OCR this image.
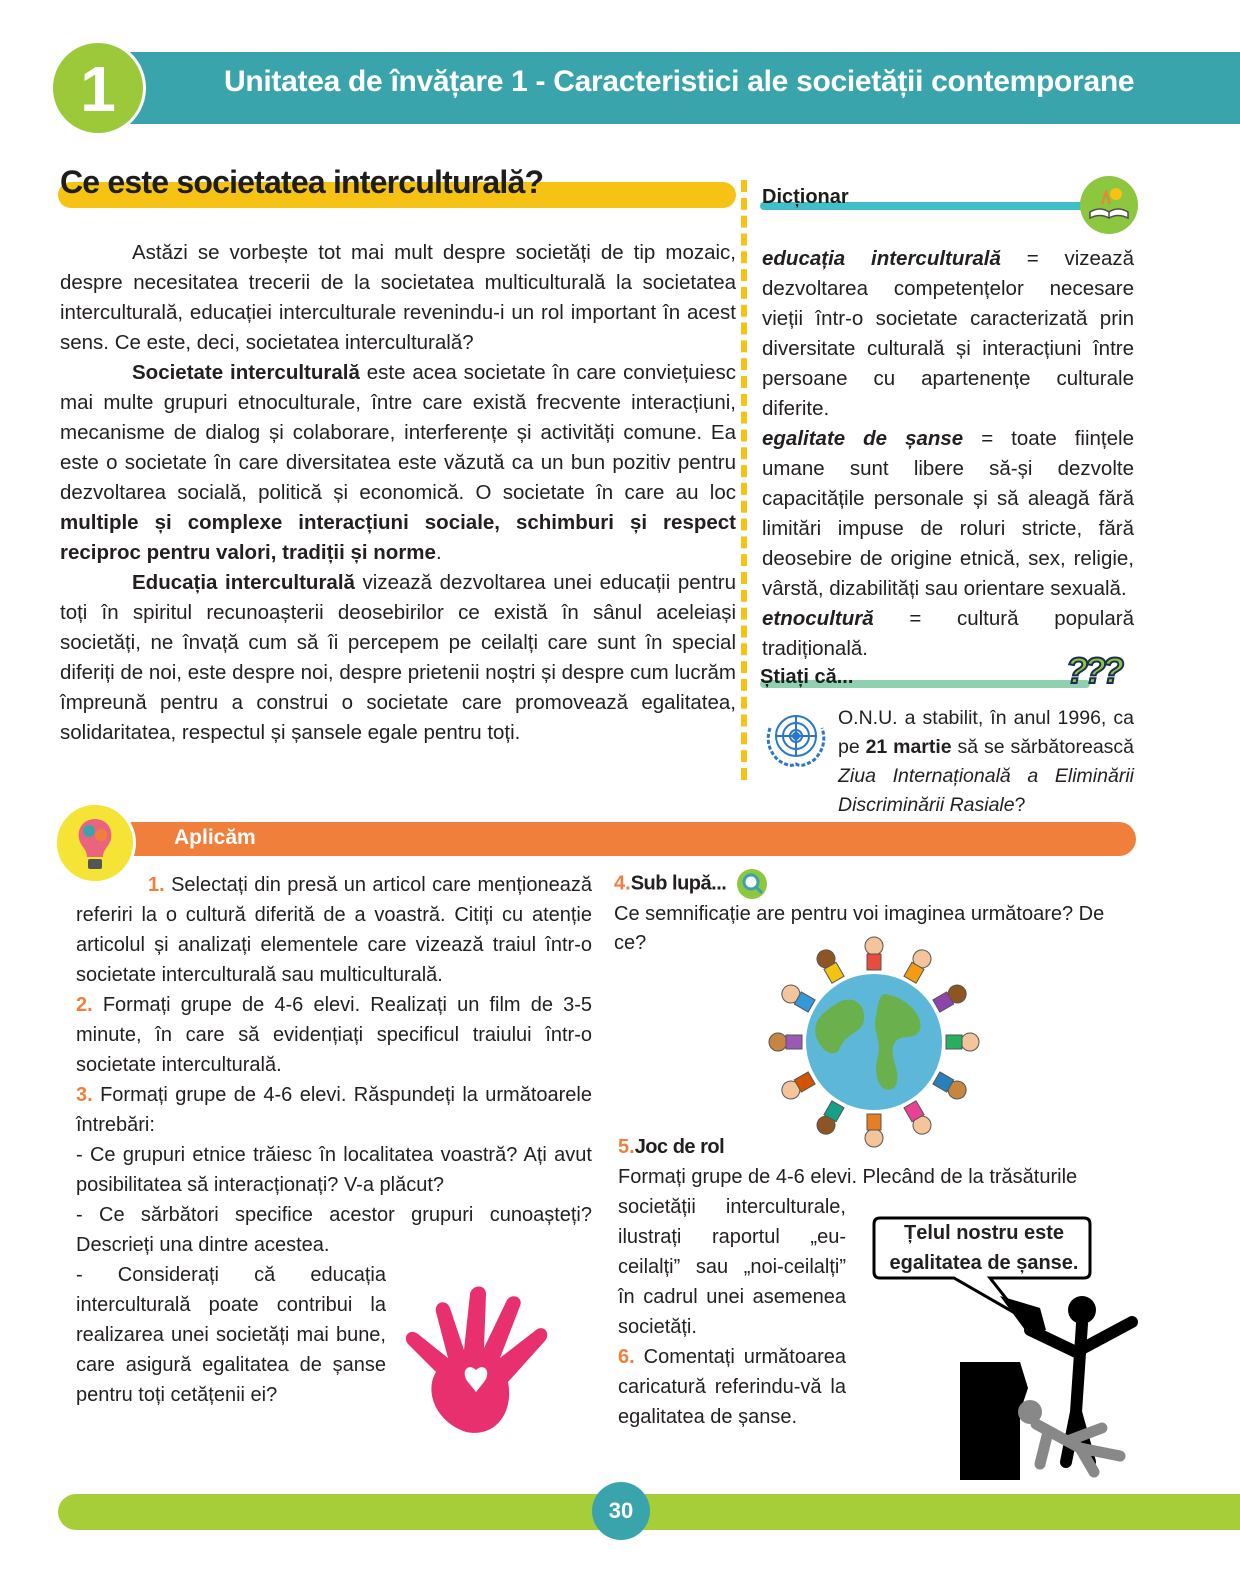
Unitatea de învățare 1 - Caracteristici ale societății contemporane
1
Ce este societatea interculturală?

Astăzi se vorbește tot mai mult despre societăți de tip mozaic, despre necesitatea trecerii de la societatea multiculturală la societatea interculturală, educației interculturale revenindu-i un rol important în acest sens. Ce este, deci, societatea interculturală?

Societate interculturală este acea societate în care conviețuiesc mai multe grupuri etnoculturale, între care există frecvente interacțiuni, mecanisme de dialog și colaborare, interferențe și activități comune. Ea este o societate în care diversitatea este văzută ca un bun pozitiv pentru dezvoltarea socială, politică și economică. O societate în care au loc multiple și complexe interacțiuni sociale, schimburi și respect reciproc pentru valori, tradiții și norme.

Educația interculturală vizează dezvoltarea unei educații pentru toți în spiritul recunoașterii deosebirilor ce există în sânul aceleiași societăți, ne învață cum să îi percepem pe ceilalți care sunt în special diferiți de noi, este despre noi, despre prietenii noștri și despre cum lucrăm împreună pentru a construi o societate care promovează egalitatea, solidaritatea, respectul și șansele egale pentru toți.

Dicționar
educația interculturală = vizează dezvoltarea competențelor necesare vieții într-o societate caracterizată prin diversitate culturală și interacțiuni între persoane cu apartenențe culturale diferite.
egalitate de șanse = toate ființele umane sunt libere să-și dezvolte capacitățile personale și să aleagă fără limitări impuse de roluri stricte, fără deosebire de origine etnică, sex, religie, vârstă, dizabilități sau orientare sexuală.
etnocultură = cultură populară tradițională.
Știați că...	???
O.N.U. a stabilit, în anul 1996, ca pe 21 martie să se sărbătorească Ziua Internațională a Eliminării Discriminării Rasiale?
Aplicăm

1. Selectați din presă un articol care menționează referiri la o cultură diferită de a voastră. Citiți cu atenție articolul și analizați elementele care vizează traiul într-o societate interculturală sau multiculturală.

2. Formați grupe de 4-6 elevi. Realizați un film de 3-5 minute, în care să evidențiați specificul traiului într-o societate interculturală.

3. Formați grupe de 4-6 elevi. Răspundeți la următoarele întrebări:

- Ce grupuri etnice trăiesc în localitatea voastră? Ați avut posibilitatea să interacționați? V-a plăcut?

- Ce sărbători specifice acestor grupuri cunoașteți? Descrieți una dintre acestea.

- Considerați că educația interculturală poate contribui la realizarea unei societăți mai bune, care asigură egalitatea de șanse pentru toți cetățenii ei?

4.Sub lupă...

Ce semnificație are pentru voi imaginea următoare? De ce?

5.Joc de rol

Formați grupe de 4-6 elevi. Plecând de la trăsăturile

societății interculturale, ilustrați raportul „eu-ceilalți” sau „noi-ceilalți” în cadrul unei asemenea societăți.

6. Comentați următoarea caricatură referindu-vă la egalitatea de șanse.

Țelul nostru este egalitatea de șanse.
30
